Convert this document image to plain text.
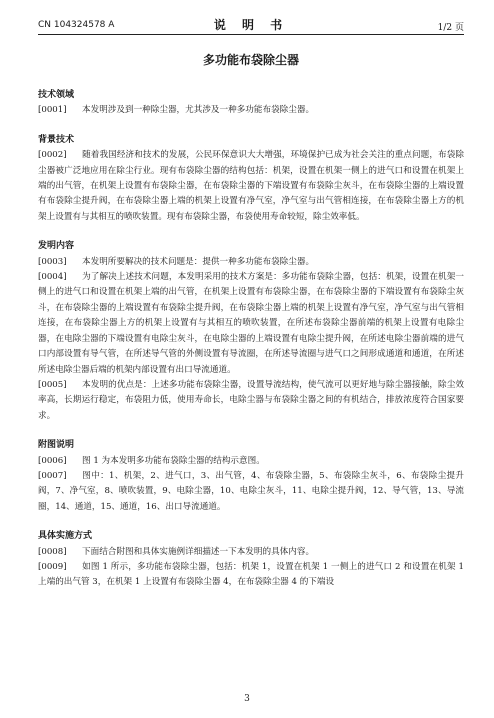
CN 104324578 A	说 明 书	1/2 页
多功能布袋除尘器
技术领域
[0001] 本发明涉及到一种除尘器，尤其涉及一种多功能布袋除尘器。
背景技术
[0002] 随着我国经济和技术的发展，公民环保意识大大增强，环境保护已成为社会关注的重点问题，布袋除尘器被广泛地应用在除尘行业。现有布袋除尘器的结构包括：机架，设置在机架一侧上的进气口和设置在机架上端的出气管，在机架上设置有布袋除尘器，在布袋除尘器的下端设置有布袋除尘灰斗，在布袋除尘器的上端设置有布袋除尘提升阀，在布袋除尘器上端的机架上设置有净气室，净气室与出气管相连接，在布袋除尘器上方的机架上设置有与其相互的喷吹装置。现有布袋除尘器，布袋使用寿命较短，除尘效率低。
发明内容
[0003] 本发明所要解决的技术问题是：提供一种多功能布袋除尘器。
[0004] 为了解决上述技术问题，本发明采用的技术方案是：多功能布袋除尘器，包括：机架，设置在机架一侧上的进气口和设置在机架上端的出气管，在机架上设置有布袋除尘器，在布袋除尘器的下端设置有布袋除尘灰斗，在布袋除尘器的上端设置有布袋除尘提升阀，在布袋除尘器上端的机架上设置有净气室，净气室与出气管相连接，在布袋除尘器上方的机架上设置有与其相互的喷吹装置，在所述布袋除尘器前端的机架上设置有电除尘器，在电除尘器的下端设置有电除尘灰斗，在电除尘器的上端设置有电除尘提升阀，在所述电除尘器前端的进气口内部设置有导气管，在所述导气管的外侧设置有导流圈，在所述导流圈与进气口之间形成通道和通道，在所述所述电除尘器后端的机架内部设置有出口导流通道。
[0005] 本发明的优点是：上述多功能布袋除尘器，设置导流结构，使气流可以更好地与除尘器接触，除尘效率高，长期运行稳定，布袋阻力低，使用寿命长，电除尘器与布袋除尘器之间的有机结合，排放浓度符合国家要求。
附图说明
[0006] 图 1 为本发明多功能布袋除尘器的结构示意图。
[0007] 图中：1、机架，2、进气口，3、出气管，4、布袋除尘器，5、布袋除尘灰斗，6、布袋除尘提升阀，7、净气室，8、喷吹装置，9、电除尘器，10、电除尘灰斗，11、电除尘提升阀，12、导气管，13、导流圈，14、通道，15、通道，16、出口导流通道。
具体实施方式
[0008] 下面结合附图和具体实施例详细描述一下本发明的具体内容。
[0009] 如图 1 所示，多功能布袋除尘器，包括：机架 1，设置在机架 1 一侧上的进气口 2 和设置在机架 1 上端的出气管 3，在机架 1 上设置有布袋除尘器 4，在布袋除尘器 4 的下端设
3
